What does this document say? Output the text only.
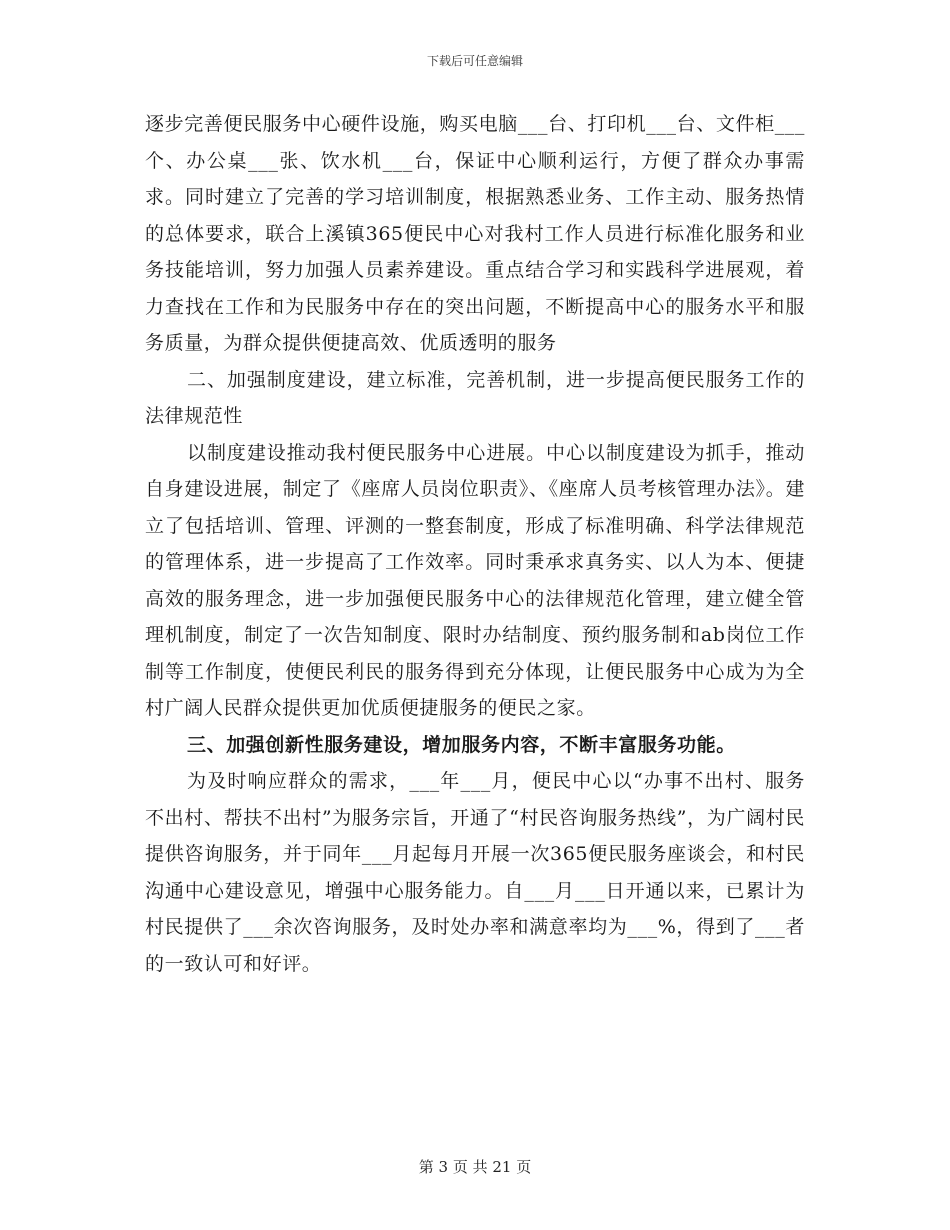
下载后可任意编辑

逐步完善便民服务中心硬件设施，购买电脑___台、打印机___台、文件柜___个、办公桌___张、饮水机___台，保证中心顺利运行，方便了群众办事需求。同时建立了完善的学习培训制度，根据熟悉业务、工作主动、服务热情的总体要求，联合上溪镇365便民中心对我村工作人员进行标准化服务和业务技能培训，努力加强人员素养建设。重点结合学习和实践科学进展观，着力查找在工作和为民服务中存在的突出问题，不断提高中心的服务水平和服务质量，为群众提供便捷高效、优质透明的服务

二、加强制度建设，建立标准，完善机制，进一步提高便民服务工作的法律规范性

以制度建设推动我村便民服务中心进展。中心以制度建设为抓手，推动自身建设进展，制定了《座席人员岗位职责》、《座席人员考核管理办法》。建立了包括培训、管理、评测的一整套制度，形成了标准明确、科学法律规范的管理体系，进一步提高了工作效率。同时秉承求真务实、以人为本、便捷高效的服务理念，进一步加强便民服务中心的法律规范化管理，建立健全管理机制度，制定了一次告知制度、限时办结制度、预约服务制和ab岗位工作制等工作制度，使便民利民的服务得到充分体现，让便民服务中心成为为全村广阔人民群众提供更加优质便捷服务的便民之家。

三、加强创新性服务建设，增加服务内容，不断丰富服务功能。

为及时响应群众的需求，___年___月，便民中心以“办事不出村、服务不出村、帮扶不出村”为服务宗旨，开通了“村民咨询服务热线”，为广阔村民提供咨询服务，并于同年___月起每月开展一次365便民服务座谈会，和村民沟通中心建设意见，增强中心服务能力。自___月___日开通以来，已累计为村民提供了___余次咨询服务，及时处办率和满意率均为___%，得到了___者的一致认可和好评。

第 3 页 共 21 页
